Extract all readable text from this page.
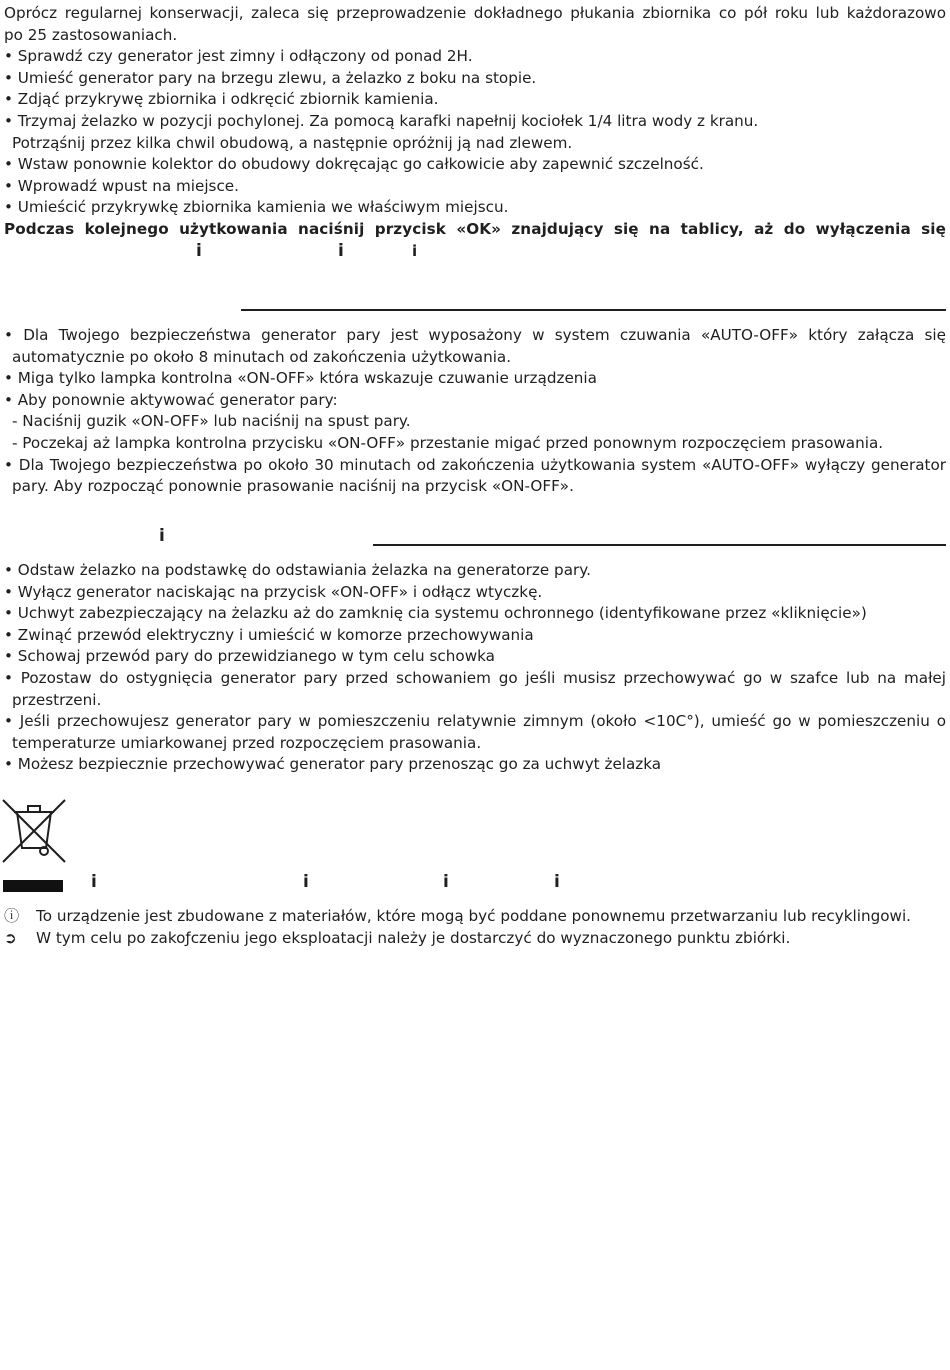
Oprócz regularnej konserwacji, zaleca się przeprowadzenie dokładnego płukania zbiornika co pół roku lub każdorazowo

po 25 zastosowaniach.

• Sprawdź czy generator jest zimny i odłączony od ponad 2H.

• Umieść generator pary na brzegu zlewu, a żelazko z boku na stopie.

• Zdjąć przykrywę zbiornika i odkręcić zbiornik kamienia.

• Trzymaj żelazko w pozycji pochylonej. Za pomocą karafki napełnij kociołek 1/4 litra wody z kranu.

Potrząśnij przez kilka chwil obudową, a następnie opróżnij ją nad zlewem.

• Wstaw ponownie kolektor do obudowy dokręcając go całkowicie aby zapewnić szczelność.

• Wprowadź wpust na miejsce.

• Umieścić przykrywkę zbiornika kamienia we właściwym miejscu.

Podczas kolejnego użytkowania naciśnij przycisk «OK» znajdujący się na tablicy, aż do wyłączenia się

i	i	i

• Dla Twojego bezpieczeństwa generator pary jest wyposażony w system czuwania «AUTO-OFF» który załącza się automatycznie po około 8 minutach od zakończenia użytkowania.

• Miga tylko lampka kontrolna «ON-OFF» która wskazuje czuwanie urządzenia

• Aby ponownie aktywować generator pary:

- Naciśnij guzik «ON-OFF» lub naciśnij na spust pary.

- Poczekaj aż lampka kontrolna przycisku «ON-OFF» przestanie migać przed ponownym rozpoczęciem prasowania.

• Dla Twojego bezpieczeństwa po około 30 minutach od zakończenia użytkowania system «AUTO-OFF» wyłączy generator pary. Aby rozpocząć ponownie prasowanie naciśnij na przycisk «ON-OFF».

i

• Odstaw żelazko na podstawkę do odstawiania żelazka na generatorze pary.

• Wyłącz generator naciskając na przycisk «ON-OFF» i odłącz wtyczkę.

• Uchwyt zabezpieczający na żelazku aż do zamknię cia systemu ochronnego (identyfikowane przez «kliknięcie»)

• Zwinąć przewód elektryczny i umieścić w komorze przechowywania

• Schowaj przewód pary do przewidzianego w tym celu schowka

• Pozostaw do ostygnięcia generator pary przed schowaniem go jeśli musisz przechowywać go w szafce lub na małej przestrzeni.

• Jeśli przechowujesz generator pary w pomieszczeniu relatywnie zimnym (około <10C°), umieść go w pomieszczeniu o temperaturze umiarkowanej przed rozpoczęciem prasowania.

• Możesz bezpiecznie przechowywać generator pary przenosząc go za uchwyt żelazka

i	i	i	i
ⓘ	To urządzenie jest zbudowane z materiałów, które mogą być poddane ponownemu przetwarzaniu lub recyklingowi.
➲	W tym celu po zakoƒczeniu jego eksploatacji należy je dostarczyć do wyznaczonego punktu zbiórki.
